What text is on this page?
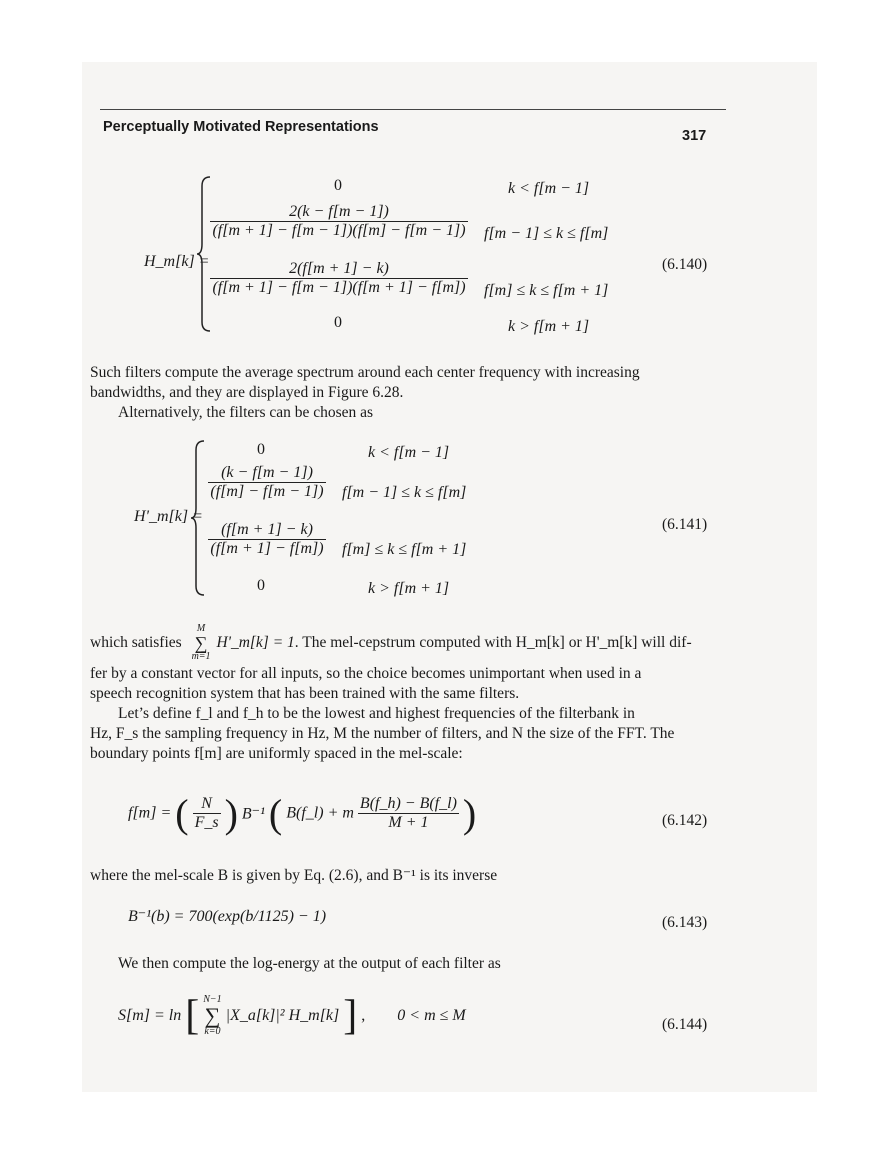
Perceptually Motivated Representations
317
H_m[k] =
0	k < f[m − 1]
$\frac{2(k - f[m - 1])}{(f[m + 1] - f[m - 1])(f[m] - f[m - 1])} f[m - 1] \le k \le f[m]$
$\frac{2(f[m + 1] - k)}{(f[m + 1] - f[m - 1])(f[m + 1] - f[m])} f[m] \le k \le f[m + 1]$
0	k > f[m + 1]
(6.140)
Such filters compute the average spectrum around each center frequency with increasing
bandwidths, and they are displayed in Figure 6.28.
Alternatively, the filters can be chosen as
H'_m[k] =
0	k < f[m − 1]
$\frac{(k - f[m - 1])}{(f[m] - f[m - 1])} f[m - 1] \le k \le f[m]$
$\frac{(f[m + 1] - k)}{(f[m + 1] - f[m])} f[m] \le k \le f[m + 1]$
0	k > f[m + 1]
(6.141)
which satisfies
M
∑
m=1
H'_m[k] = 1. The mel-cepstrum computed with H_m[k] or H'_m[k] will dif-
fer by a constant vector for all inputs, so the choice becomes unimportant when used in a
speech recognition system that has been trained with the same filters.
Let’s define f_l and f_h to be the lowest and highest frequencies of the filterbank in
Hz, F_s the sampling frequency in Hz, M the number of filters, and N the size of the FFT. The
boundary points f[m] are uniformly spaced in the mel-scale:
f[m] = ( $\frac{N}{F\_s}$ ) B⁻¹ ( B(f_l) + m $\frac{B(f\_h) - B(f\_l)}{M + 1}$ )	(6.142)
where the mel-scale B is given by Eq. (2.6), and B⁻¹ is its inverse
B⁻¹(b) = 700(exp(b/1125) − 1)	(6.143)
We then compute the log-energy at the output of each filter as
S[m] = ln [ N−1
∑
k=0
|X_a[k]|² H_m[k] ] , 0 < m ≤ M
(6.144)
